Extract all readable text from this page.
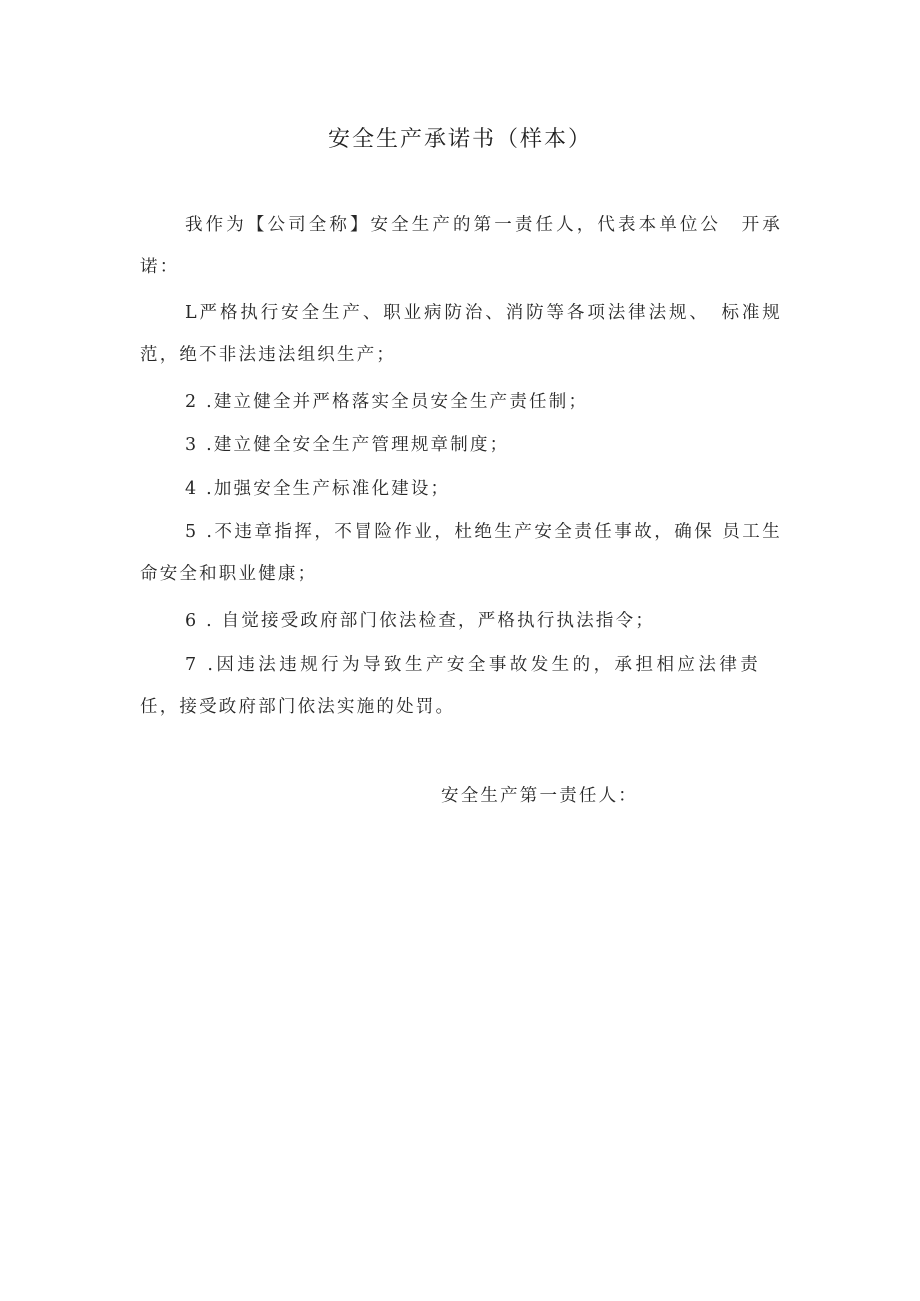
安全生产承诺书（样本）

我作为【公司全称】安全生产的第一责任人，代表本单位公　开承诺：

L严格执行安全生产、职业病防治、消防等各项法律法规、　标准规范，绝不非法违法组织生产；

2 .建立健全并严格落实全员安全生产责任制；

3 .建立健全安全生产管理规章制度；

4 .加强安全生产标准化建设；

5 .不违章指挥，不冒险作业，杜绝生产安全责任事故，确保 员工生命安全和职业健康；

6 . 自觉接受政府部门依法检查，严格执行执法指令；

7 .因违法违规行为导致生产安全事故发生的，承担相应法律责任，接受政府部门依法实施的处罚。

安全生产第一责任人：
